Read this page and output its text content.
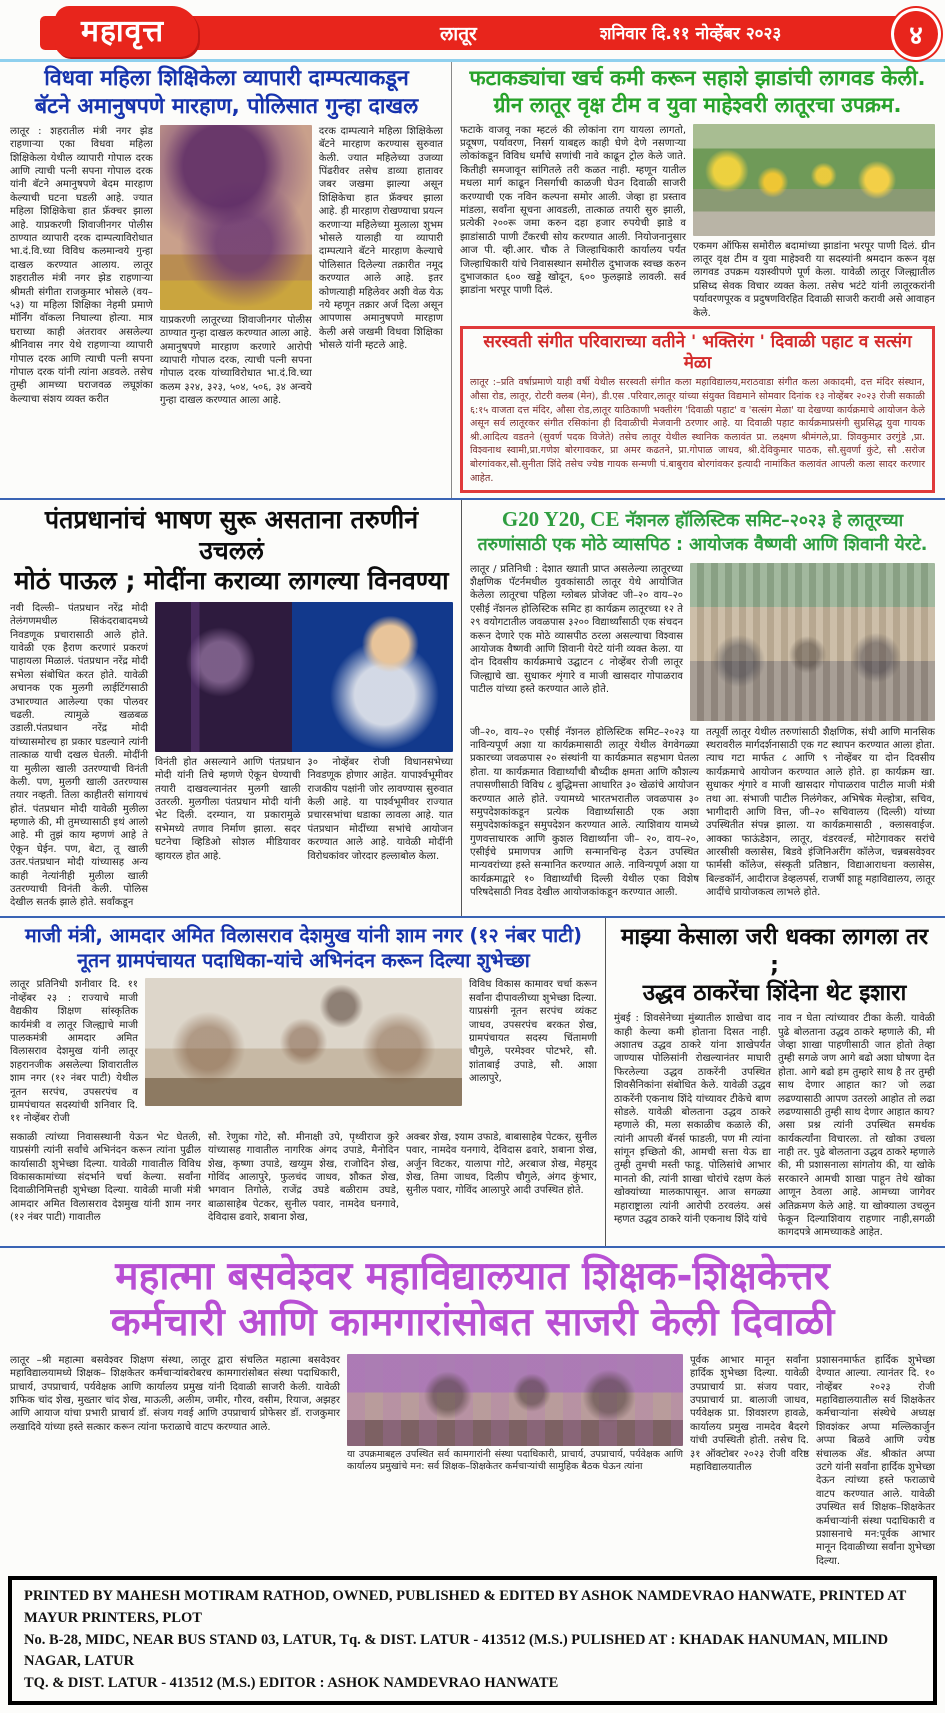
महावृत्त	लातूर	शनिवार दि.११ नोव्हेंबर २०२३	४
विधवा महिला शिक्षिकेला व्यापारी दाम्पत्याकडून
बॅटने अमानुषपणे मारहाण, पोलिसात गुन्हा दाखल
लातूर : शहरातील मंत्री नगर झेड राहणाऱ्या एका विधवा महिला शिक्षिकेला येथील व्यापारी गोपाल दरक आणि त्याची पत्नी सपना गोपाल दरक यांनी बॅटने अमानुषपणे बेदम मारहाण केल्याची घटना घडली आहे. ज्यात महिला शिक्षिकेचा हात फ्रॅक्चर झाला आहे. याप्रकरणी शिवाजीनगर पोलीस ठाण्यात व्यापारी दरक दाम्पत्याविरोधात भा.दं.वि.च्या विविध कलमान्वये गुन्हा दाखल करण्यात आलाय. लातूर शहरातील मंत्री नगर झेड राहणाऱ्या श्रीमती संगीता राजकुमार भोसले (वय–५३) या महिला शिक्षिका नेहमी प्रमाणे मॉर्निंग वॉकला निघाल्या होत्या. मात्र घराच्या काही अंतरावर असलेल्या श्रीनिवास नगर येथे राहणाऱ्या व्यापारी गोपाल दरक आणि त्याची पत्नी सपना गोपाल दरक यांनी त्यांना अडवले. तसेच तुम्ही आमच्या घराजवळ लघूशंका केल्याचा संशय व्यक्त करीत
याप्रकरणी लातूरच्या शिवाजीनगर पोलीस ठाण्यात गुन्हा दाखल करण्यात आला आहे. अमानुषपणे मारहाण करणारे आरोपी व्यापारी गोपाल दरक, त्याची पत्नी सपना गोपाल दरक यांच्याविरोधात भा.दं.वि.च्या कलम ३२४, ३२३, ५०४, ५०६, ३४ अन्वये गुन्हा दाखल करण्यात आला आहे.
दरक दाम्पत्याने महिला शिक्षिकेला बॅटने मारहाण करण्यास सुरुवात केली. ज्यात महिलेच्या उजव्या पिंढरीवर तसेच डाव्या हातावर जबर जखमा झाल्या असून शिक्षिकेचा हात फ्रॅक्चर झाला आहे. ही मारहाण रोखण्याचा प्रयत्न करणाऱ्या महिलेच्या मुलाला शुभम भोसले यालाही या व्यापारी दाम्पत्याने बॅटने मारहाण केल्याचे पोलिसात दिलेल्या तक्रारीत नमूद करण्यात आले आहे. इतर कोणत्याही महिलेवर अशी वेळ येऊ नये म्हणून तक्रार अर्ज दिला असून आपणास अमानुषपणे मारहाण केली असे जखमी विधवा शिक्षिका भोसले यांनी म्हटले आहे.
फटाकड्यांचा खर्च कमी करून सहाशे झाडांची लागवड केली.
ग्रीन लातूर वृक्ष टीम व युवा माहेश्वरी लातूरचा उपक्रम.
फटाके वाजवू नका म्हटलं की लोकांना राग यायला लागतो, प्रदूषण, पर्यावरण, निसर्ग याबद्दल काही घेणे देणे नसणाऱ्या लोकांकडून विविध धर्मांचे सणांची नावे काढून ट्रोल केले जाते. कितीही समजावून सांगितले तरी कळत नाही. म्हणून यातील मधला मार्ग काढून निसर्गाची काळजी घेउन दिवाळी साजरी करण्याची एक नविन कल्पना समोर आली. जेव्हा हा प्रस्ताव मांडला, सर्वांना सूचना आवडली, तात्काळ तयारी सुरु झाली, प्रत्येकी २००रू जमा करुन दहा हजार रुपयेची झाडे व झाडांसाठी पाणी टँकरची सोय करण्यात आली. नियोजनानुसार आज पी. व्ही.आर. चौक ते जिल्हाधिकारी कार्यालय पर्यंत जिल्हाधिकारी यांचे निवासस्थान समोरील दुभाजक स्वच्छ करुन दुभाजकात ६०० खड्डे खोदून, ६०० फुलझाडे लावली. सर्व झाडांना भरपूर पाणी दिलं.
एकमग ऑफिस समोरील बदामांच्या झाडांना भरपूर पाणी दिलं. ग्रीन लातूर वृक्ष टीम व युवा माहेश्वरी या सदस्यांनी श्रमदान करून वृक्ष लागवड उपक्रम यशस्वीपणे पूर्ण केला. यावेळी लातूर जिल्ह्यातील प्रसिध्द सेवक विचार व्यक्त केला. तसेच भटंटे यांनी लातूरकरांनी पर्यावरणपूरक व प्रदुषणविरहित दिवाळी साजरी करावी असे आवाहन केले.
सरस्वती संगीत परिवाराच्या वतीने ' भक्तिरंग ' दिवाळी पहाट व सत्संग मेळा
लातूर :–प्रति वर्षाप्रमाणे याही वर्षी येथील सरस्वती संगीत कला महाविद्यालय,मराठवाडा संगीत कला अकादमी, दत्त मंदिर संस्थान, औसा रोड, लातूर, रोटरी क्लब (मेन), डी.एस .परिवार,लातूर यांच्या संयुक्त विद्यमाने सोमवार दिनांक १३ नोव्हेंबर २०२३ रोजी सकाळी ६:१५ वाजता दत्त मंदिर, औसा रोड,लातूर याठिकाणी भक्तीरंग 'दिवाळी पहाट' व 'सत्संग मेळा' या देखण्या कार्यक्रमाचे आयोजन केले असून सर्व लातूरकर संगीत रसिकांना ही दिवाळीची मेजवानी ठरणार आहे. या दिवाळी पहाट कार्यक्रमाप्रसंगी सुप्रसिद्ध युवा गायक श्री.आदित्य वडतने (सुवर्ण पदक विजेते) तसेच लातूर येथील स्थानिक कलावंत प्रा. लक्ष्मण श्रीमंगले,प्रा. शिवकुमार उरगुंडे ,प्रा. विश्वनाथ स्वामी,प्रा.गणेश बोरगावकर, प्रा अमर कढतने, प्रा.गोपाळ जाधव, श्री.देविकुमार पाठक, सौ.सुवर्णा कुंटे, सौ .सरोज बोरगांवकर,सौ.सुनीता शिंदे तसेच ज्येष्ठ गायक सन्मणी पं.बाबुराव बोरगांवकर इत्यादी नामांकित कलावंत आपली कला सादर करणार आहेत.
पंतप्रधानांचं भाषण सुरू असताना तरुणीनं उचललं
मोठं पाऊल ; मोदींना कराव्या लागल्या विनवण्या
नवी दिल्ली– पंतप्रधान नरेंद्र मोदी तेलंगणमधील सिकंदराबादमध्ये निवडणूक प्रचारासाठी आले होते. यावेळी एक हैराण करणारं प्रकरणं पाहायला मिळालं. पंतप्रधान नरेंद्र मोदी सभेला संबोधित करत होते. यावेळी अचानक एक मुलगी लाईटिंगसाठी उभारण्यात आलेल्या एका पोलवर चढली. त्यामुळे खळबळ उडाली.पंतप्रधान नरेंद्र मोदी यांच्यासमोरच हा प्रकार घडल्याने त्यांनी तात्काळ याची दखल घेतली. मोदींनी या मुलीला खाली उतरण्याची विनंती केली. पण, मुलगी खाली उतरण्यास तयार नव्हती. तिला काहीतरी सांगायचं होतं. पंतप्रधान मोदी यावेळी मुलीला म्हणाले की, मी तुमच्यासाठी इथं आलो आहे. मी तुझं काय म्हणणं आहे ते ऐकून घेईन. पण, बेटा, तू खाली उतर.पंतप्रधान मोदी यांच्यासह अन्य काही नेत्यांनीही मुलीला खाली उतरण्याची विनंती केली. पोलिस देखील सतर्क झाले होते. सर्वांकडून
विनंती होत असल्याने आणि पंतप्रधान मोदी यांनी तिचे म्हणणे ऐकून घेण्याची तयारी दाखवल्यानंतर मुलगी खाली उतरली. मुलगीला पंतप्रधान मोदी यांनी भेट दिली. दरम्यान, या प्रकारामुळे सभेमध्ये तणाव निर्माण झाला. सदर घटनेचा व्हिडिओ सोशल मीडियावर व्हायरल होत आहे.
३० नोव्हेंबर रोजी विधानसभेच्या निवडणूक होणार आहेत. यापार्श्वभूमीवर राजकीय पक्षांनी जोर लावण्यास सुरुवात केली आहे. या पार्श्वभूमीवर राज्यात प्रचारसभांचा धडाका लावला आहे. यात पंतप्रधान मोदींच्या सभांचे आयोजन करण्यात आले आहे. यावेळी मोदींनी विरोधकांवर जोरदार हल्लाबोल केला.
G20 Y20, CE नॅशनल हॉलिस्टिक समिट–२०२३ हे लातूरच्या
तरुणांसाठी एक मोठे व्यासपिठ : आयोजक वैष्णवी आणि शिवानी येरटे.
लातूर / प्रतिनिधी : देशात ख्याती प्राप्त असलेल्या लातूरच्या शैक्षणिक पॅटर्नमधील युवकांसाठी लातूर येथे आयोजित केलेला लातूरचा पहिला ग्लोबल प्रोजेक्ट जी–२० वाय–२० एसीई नॅशनल होलिस्टिक समिट हा कार्यक्रम लातूरच्या १२ ते २९ वयोगटातील जवळपास ३२०० विद्यार्थ्यांसाठी एक संचदन करून देणारे एक मोठे व्यासपीठ ठरला असल्याचा विश्वास आयोजक वैष्णवी आणि शिवानी येरटे यांनी व्यक्त केला. या दोन दिवसीय कार्यक्रमाचे उद्घाटन ८ नोव्हेंबर रोजी लातूर जिल्ह्याचे खा. सुधाकर शृंगारे व माजी खासदार गोपाळराव पाटील यांच्या हस्ते करण्यात आले होते.
जी–२०, वाय–२० एसीई नॅशनल होलिस्टिक समिट–२०२३ या नाविन्यपूर्ण अशा या कार्यक्रमासाठी लातूर येथील वेगवेगळ्या प्रकारच्या जवळपास २० संस्थांनी या कार्यक्रमात सहभाग घेतला होता. या कार्यक्रमात विद्यार्थ्यांची बौध्दीक क्षमता आणि कौशल्य तपासणीसाठी विविध ८ बुद्धिमत्ता आधारित ३० खेळांचे आयोजन करण्यात आले होते. ज्यामध्ये भारतभरातील जवळपास ३० समुपदेशकांकडून प्रत्येक विद्यार्थ्यासाठी एक अशा समुपदेशकांकडून समुपदेशन करण्यात आले. त्याशिवाय यामध्ये गुणवत्ताधारक आणि कुशल विद्यार्थ्यांना जी– २०, वाय–२०, एसीईचे प्रमाणपत्र आणि सन्मानचिन्ह देऊन उपस्थित मान्यवरांच्या हस्ते सन्मानित करण्यात आले. नाविन्यपूर्ण अशा या कार्यक्रमाद्वारे १० विद्यार्थ्यांची दिल्ली येथील एका विशेष परिषदेसाठी निवड देखील आयोजकांकडून करण्यात आली.
तत्पूर्वी लातूर येथील तरुणांसाठी शैक्षणिक, संधी आणि मानसिक स्थरावरील मार्गदर्शनासाठी एक गट स्थापन करण्यात आला होता. त्याच गटा मार्फत ८ आणि ९ नोव्हेंबर या दोन दिवसीय कार्यक्रमाचे आयोजन करण्यात आले होते. हा कार्यक्रम खा. सुधाकर शृंगारे व माजी खासदार गोपाळराव पाटील माजी मंत्री तथा आ. संभाजी पाटील निलंगेकर, अभिषेक मेल्होत्रा, सचिव, भागीदारी आणि वित्त, जी–२० सचिवालय (दिल्ली) यांच्या उपस्थितीत संपन्न झाला. या कार्यक्रमासाठी , क्लासवाईज. आक्का फाऊंडेशन, लातूर, वंडरवर्ल्ड, मोटेगावकर सरांचे आरसीसी क्लासेस, बिडवे इंजिनिअरींग कॉलेज, चन्नबसवेश्वर फार्मसी कॉलेज, संस्कृती प्रतिष्ठान, विद्याआराधना क्लासेस, बिल्डकॉर्न, आदीराज डेव्हलपर्स, राजर्षी शाहू महाविद्यालय, लातूर आदींचे प्रायोजकत्व लाभले होते.
माजी मंत्री, आमदार अमित विलासराव देशमुख यांनी शाम नगर (१२ नंबर पाटी)
नूतन ग्रामपंचायत पदाधिका-यांचे अभिनंदन करून दिल्या शुभेच्छा
लातूर प्रतिनिधी शनीवार दि. ११ नोव्हेंबर २३ : राज्याचे माजी वैद्यकीय शिक्षण सांस्कृतिक कार्यमंत्री व लातूर जिल्ह्याचे माजी पालकमंत्री आमदार अमित विलासराव देशमुख यांनी लातूर शहरानजीक असलेल्या शिवारातील शाम नगर (१२ नंबर पाटी) येथील नूतन सरपंच, उपसरपंच व ग्रामपंचायत सदस्यांची शनिवार दि. ११ नोव्हेंबर रोजी
विविध विकास कामावर चर्चा करून सर्वांना दीपावलीच्या शुभेच्छा दिल्या. याप्रसंगी नूतन सरपंच व्यंकट जाधव, उपसरपंच बरकत शेख, ग्रामपंचायत सदस्य चिंतामणी चौगुले, परमेश्वर पोटभरे, सौ. शांताबाई उपाडे, सौ. आशा आलापुरे,
सकाळी त्यांच्या निवासस्थानी येऊन भेट घेतली, याप्रसंगी त्यांनी सर्वांचे अभिनंदन करून त्यांना पुढील कार्यासाठी शुभेच्छा दिल्या. यावेळी गावातील विविध विकासकामांच्या संदर्भाने चर्चा केल्या. सर्वांना दिवाळीनिमित्तही शुभेच्छा दिल्या. यावेळी माजी मंत्री आमदार अमित विलासराव देशमुख यांनी शाम नगर (१२ नंबर पाटी) गावातील
सौ. रेणुका गोटे, सौ. मीनाक्षी उपे, पृथ्वीराज कुरे यांच्यासह गावातील नागरिक अंगद उपाडे, मैनोदिन शेख, कृष्णा उपाडे, खय्युम शेख, राजोदिन शेख, गोविंद आलापुरे, फुलचंद जाधव, शौकत शेख, भगवान तिगोले, राजेंद्र उघडे बळीराम उघडे, बाळासाहेब पेटकर, सुनील पवार, नामदेव घनगावे, देविदास ढवारे, शबाना शेख,
अक्बर शेख, श्याम उफाडे, बाबासाहेब पेटकर, सुनील पवार, नामदेव यनगाये, देविदास ढवारे, शबाना शेख, अर्जुन विटकर, यालापा गोटे, अरबाज शेख, मेहमूद शेख, तिमा जाधव, दिलीप चौगुले, अंगद कुंभार, सुनील पवार, गोविंद आलापुरे आदी उपस्थित होते.
माझ्या केसाला जरी धक्का लागला तर ;
उद्धव ठाकरेंचा शिंदेना थेट इशारा
मुंबई : शिवसेनेच्या मुंब्यातील शाखेचा वाद काही केल्या कमी होताना दिसत नाही. अशातच उद्धव ठाकरे यांना शाखेपर्यंत जाण्यास पोलिसांनी रोखल्यानंतर माघारी फिरलेल्या उद्धव ठाकरेंनी उपस्थित शिवसैनिकांना संबोधित केले. यावेळी उद्धव ठाकरेंनी एकनाथ शिंदे यांच्यावर टीकेचे बाण सोडले. यावेळी बोलताना उद्धव ठाकरे म्हणाले की, मला सकाळीच कळाले की, त्यांनी आपली बॅनर्स फाडली, पण मी त्यांना सांगून इच्छितो की, आमची सत्ता येऊ द्या तुम्ही तुमची मस्ती फाडू. पोलिसांचे आभार मानतो की, त्यांनी शाखा चोरांचे रक्षण केलं खोक्यांच्या मालकापासून. आज सगळ्या महाराष्ट्राला त्यांनी आरोपी ठरवलंय. असं म्हणत उद्धव ठाकरे यांनी एकनाथ शिंदे यांचे
नाव न घेता त्यांच्यावर टीका केली. यावेळी पुढे बोलताना उद्धव ठाकरे म्हणाले की, मी जेव्हा शाखा पाहणीसाठी जात होतो तेव्हा तुम्ही सगळे जण आगे बढो अशा घोषणा देत होता. आगे बढो हम तुम्हारे साथ है तर तुम्ही साथ देणार आहात का? जो लढा लढण्यासाठी आपण उतरलो आहोत तो लढा लढण्यासाठी तुम्ही साथ देणार आहात काय? असा प्रश्न त्यांनी उपस्थित समर्थक कार्यकर्त्यांना विचारला. तो खोका उचला नाही तर. पुढे बोलताना उद्धव ठाकरे म्हणाले की, मी प्रशासनाला सांगतोय की, या खोके सरकारने आमची शाखा पाहून तेथे खोका आणून ठेवला आहे. आमच्या जागेवर अतिक्रमण केले आहे. या खोक्याला उचलून फेकून दिल्याशिवाय राहणार नाही,सगळी कागदपत्रे आमच्याकडे आहेत.
महात्मा बसवेश्वर महाविद्यालयात शिक्षक-शिक्षकेत्तर
कर्मचारी आणि कामगारांसोबत साजरी केली दिवाळी
लातूर –श्री महात्मा बसवेश्वर शिक्षण संस्था, लातूर द्वारा संचलित महात्मा बसवेश्वर महाविद्यालयामध्ये शिक्षक– शिक्षकेतर कर्मचाऱ्यांबरोबरच कामगारांसोबत संस्था पदाधिकारी, प्राचार्य, उपप्राचार्य, पर्यवेक्षक आणि कार्यालय प्रमुख यांनी दिवाळी साजरी केली. यावेळी शफिक चांद शेख, मुख्तार चांद शेख, माऊली, अलीम, जमीर, गौरव, वसीम, रियाज, अझहर आणि आयाज यांचा प्रभारी प्राचार्य डॉ. संजय गवई आणि उपप्राचार्य प्रोफेसर डॉ. राजकुमार लखादिवे यांच्या हस्ते सत्कार करून त्यांना फराळाचे वाटप करण्यात आले.
या उपक्रमाबद्दल उपस्थित सर्व कामगारांनी संस्था पदाधिकारी, प्राचार्य, उपप्राचार्य, पर्यवेक्षक आणि कार्यालय प्रमुखांचे मन: सर्व शिक्षक–शिक्षकेतर कर्मचाऱ्यांची सामुहिक बैठक घेऊन त्यांना
पूर्वक आभार मानून सर्वांना हार्दिक शुभेच्छा दिल्या. यावेळी उपप्राचार्य प्रा. संजय पवार, उपप्राचार्य प्रा. बालाजी जाधव, पर्यवेक्षक प्रा. शिवशरण हावळे, कार्यालय प्रमुख नामदेव बैदरगे यांची उपस्थिती होती. तसेच दि. ३१ ऑक्टोबर २०२३ रोजी वरिष्ठ महाविद्यालयातील
प्रशासनमार्फत हार्दिक शुभेच्छा देण्यात आल्या. त्यानंतर दि. १० नोव्हेंबर २०२३ रोजी महाविद्यालयातील सर्व शिक्षकेतर कर्मचाऱ्यांना संस्थेचे अध्यक्ष शिवशंकर अप्पा मल्लिकार्जुन अप्पा बिळवे आणि ज्येष्ठ संचालक ॲड. श्रीकांत अप्पा उटगे यांनी सर्वांना हार्दिक शुभेच्छा देऊन त्यांच्या हस्ते फराळाचे वाटप करण्यात आले. यावेळी उपस्थित सर्व शिक्षक–शिक्षकेतर कर्मचाऱ्यांनी संस्था पदाधिकारी व प्रशासनाचे मन:पूर्वक आभार मानून दिवाळीच्या सर्वांना शुभेच्छा दिल्या.
PRINTED BY MAHESH MOTIRAM RATHOD, OWNED, PUBLISHED & EDITED BY ASHOK NAMDEVRAO HANWATE, PRINTED AT MAYUR PRINTERS, PLOT
No. B-28, MIDC, NEAR BUS STAND 03, LATUR, Tq. & DIST. LATUR - 413512 (M.S.) PULISHED AT : KHADAK HANUMAN, MILIND NAGAR, LATUR
TQ. & DIST. LATUR - 413512 (M.S.) EDITOR : ASHOK NAMDEVRAO HANWATE
